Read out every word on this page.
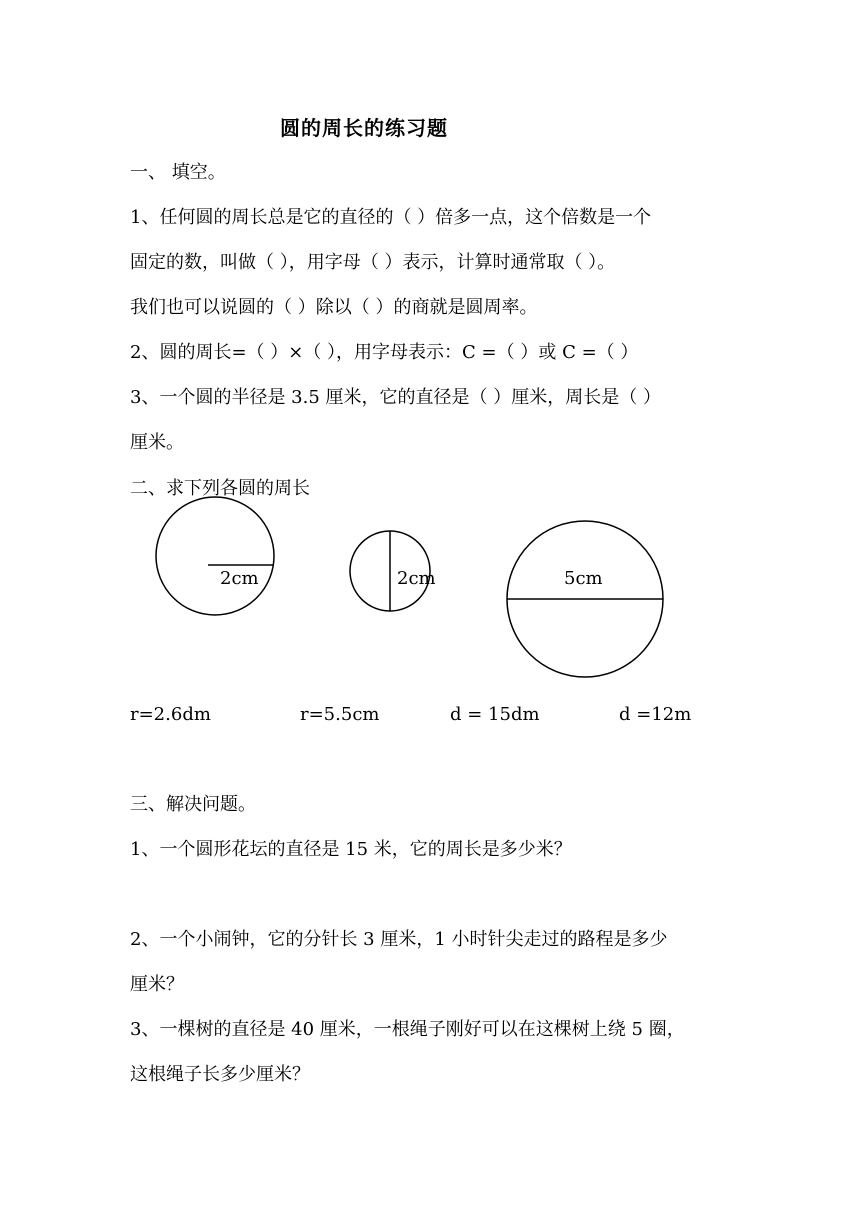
圆的周长的练习题
一、 填空。
1、任何圆的周长总是它的直径的（ ）倍多一点，这个倍数是一个
固定的数，叫做（ ），用字母（ ）表示，计算时通常取（ ）。
我们也可以说圆的（ ）除以（ ）的商就是圆周率。
2、圆的周长=（ ）×（ ），用字母表示：C =（ ）或 C =（ ）
3、一个圆的半径是 3.5 厘米，它的直径是（ ）厘米，周长是（ ）
厘米。
二、求下列各圆的周长
2cm	2cm	5cm
r=2.6dm	r=5.5cm	d = 15dm	d =12m
三、解决问题。
1、一个圆形花坛的直径是 15 米，它的周长是多少米？
2、一个小闹钟，它的分针长 3 厘米，1 小时针尖走过的路程是多少
厘米？
3、一棵树的直径是 40 厘米，一根绳子刚好可以在这棵树上绕 5 圈，
这根绳子长多少厘米？
